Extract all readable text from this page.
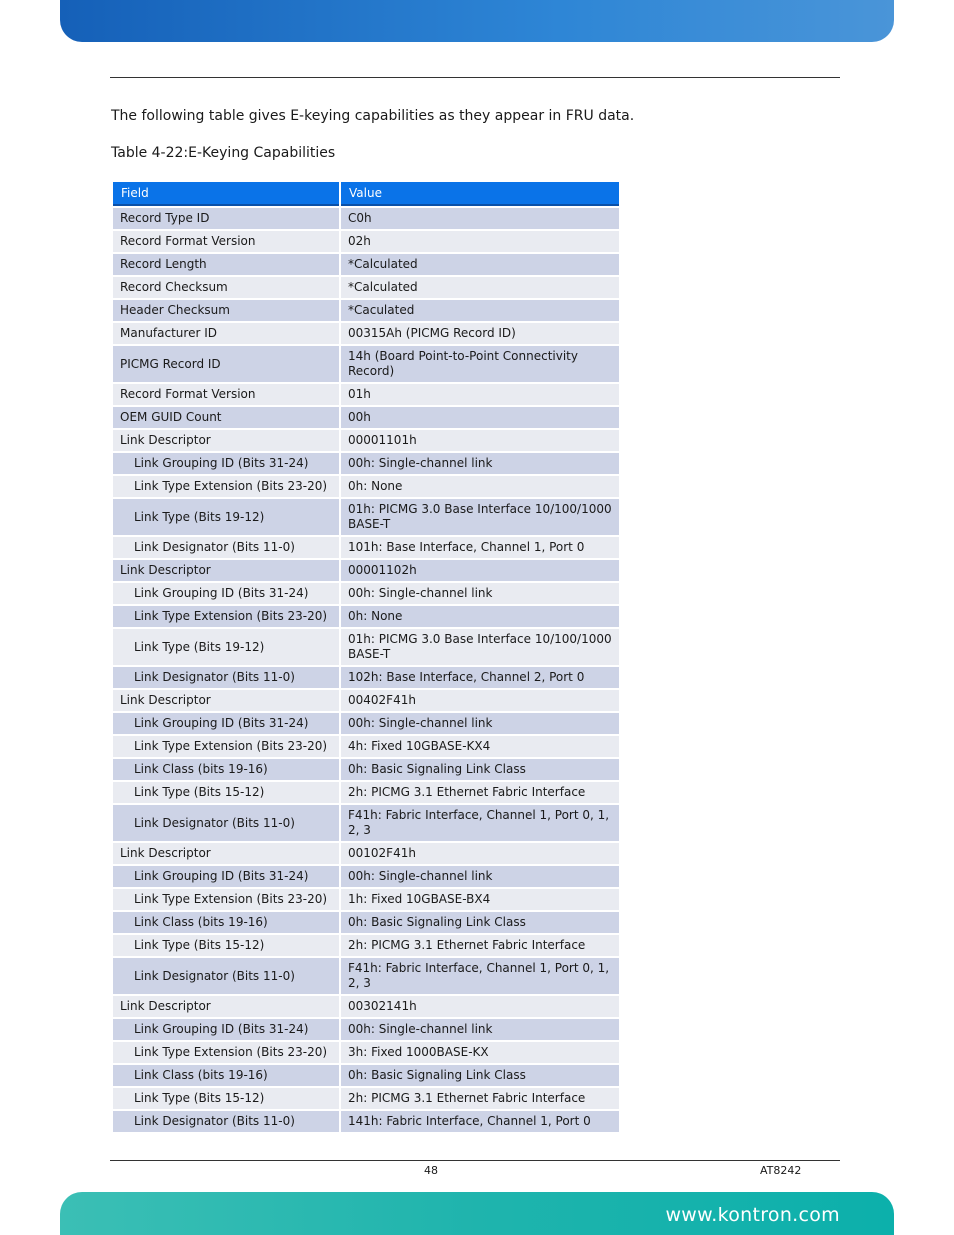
The following table gives E-keying capabilities as they appear in FRU data.
Table 4-22:E-Keying Capabilities
Field	Value
Record Type ID	C0h
Record Format Version	02h
Record Length	*Calculated
Record Checksum	*Calculated
Header Checksum	*Caculated
Manufacturer ID	00315Ah (PICMG Record ID)
PICMG Record ID	14h (Board Point-to-Point Connectivity Record)
Record Format Version	01h
OEM GUID Count	00h
Link Descriptor	00001101h
Link Grouping ID (Bits 31-24)	00h: Single-channel link
Link Type Extension (Bits 23-20)	0h: None
Link Type (Bits 19-12)	01h: PICMG 3.0 Base Interface 10/100/1000 BASE-T
Link Designator (Bits 11-0)	101h: Base Interface, Channel 1, Port 0
Link Descriptor	00001102h
Link Grouping ID (Bits 31-24)	00h: Single-channel link
Link Type Extension (Bits 23-20)	0h: None
Link Type (Bits 19-12)	01h: PICMG 3.0 Base Interface 10/100/1000 BASE-T
Link Designator (Bits 11-0)	102h: Base Interface, Channel 2, Port 0
Link Descriptor	00402F41h
Link Grouping ID (Bits 31-24)	00h: Single-channel link
Link Type Extension (Bits 23-20)	4h: Fixed 10GBASE-KX4
Link Class (bits 19-16)	0h: Basic Signaling Link Class
Link Type (Bits 15-12)	2h: PICMG 3.1 Ethernet Fabric Interface
Link Designator (Bits 11-0)	F41h: Fabric Interface, Channel 1, Port 0, 1, 2, 3
Link Descriptor	00102F41h
Link Grouping ID (Bits 31-24)	00h: Single-channel link
Link Type Extension (Bits 23-20)	1h: Fixed 10GBASE-BX4
Link Class (bits 19-16)	0h: Basic Signaling Link Class
Link Type (Bits 15-12)	2h: PICMG 3.1 Ethernet Fabric Interface
Link Designator (Bits 11-0)	F41h: Fabric Interface, Channel 1, Port 0, 1, 2, 3
Link Descriptor	00302141h
Link Grouping ID (Bits 31-24)	00h: Single-channel link
Link Type Extension (Bits 23-20)	3h: Fixed 1000BASE-KX
Link Class (bits 19-16)	0h: Basic Signaling Link Class
Link Type (Bits 15-12)	2h: PICMG 3.1 Ethernet Fabric Interface
Link Designator (Bits 11-0)	141h: Fabric Interface, Channel 1, Port 0
48	AT8242
www.kontron.com
